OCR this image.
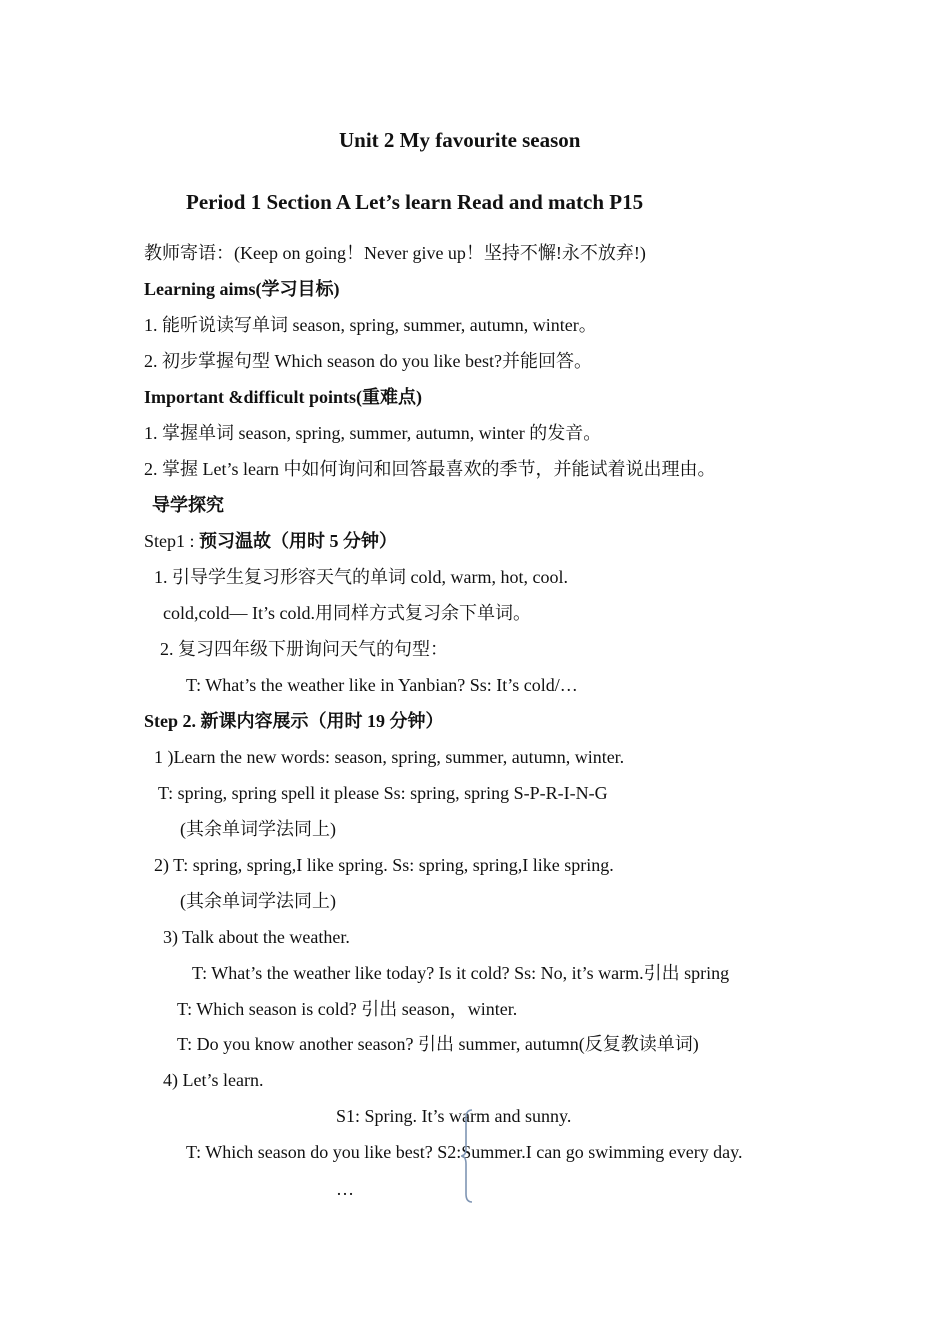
Unit 2 My favourite season
Period 1 Section A Let’s learn Read and match P15
教师寄语：(Keep on going！Never give up！坚持不懈!永不放弃!)
Learning aims(学习目标)
1. 能听说读写单词 season, spring, summer, autumn, winter。
2. 初步掌握句型 Which season do you like best?并能回答。
Important &difficult points(重难点)
1. 掌握单词 season, spring, summer, autumn, winter 的发音。
2. 掌握 Let’s learn 中如何询问和回答最喜欢的季节，并能试着说出理由。
导学探究
Step1 : 预习温故（用时 5 分钟）
1. 引导学生复习形容天气的单词 cold, warm, hot, cool.
cold,cold— It’s cold.用同样方式复习余下单词。
2. 复习四年级下册询问天气的句型：
T: What’s the weather like in Yanbian? Ss: It’s cold/…
Step 2. 新课内容展示（用时 19 分钟）
1 )Learn the new words: season, spring, summer, autumn, winter.
T: spring, spring spell it please Ss: spring, spring S-P-R-I-N-G
(其余单词学法同上)
2) T: spring, spring,I like spring. Ss: spring, spring,I like spring.
(其余单词学法同上)
3) Talk about the weather.
T: What’s the weather like today? Is it cold? Ss: No, it’s warm.引出 spring
T: Which season is cold? 引出 season，winter.
T: Do you know another season? 引出 summer, autumn(反复教读单词)
4) Let’s learn.
S1: Spring. It’s warm and sunny.
T: Which season do you like best? S2:Summer.I can go swimming every day.
…
